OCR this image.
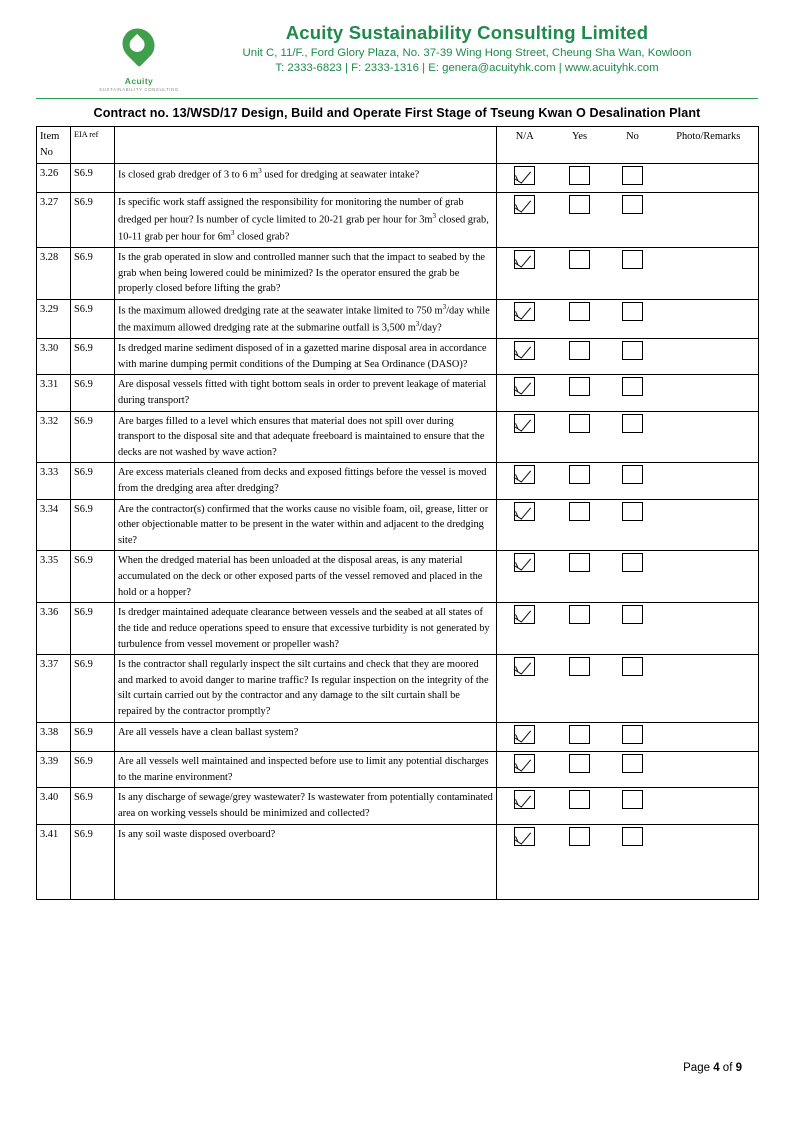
Acuity
SUSTAINABILITY CONSULTING
Acuity Sustainability Consulting Limited
Unit C, 11/F., Ford Glory Plaza, No. 37-39 Wing Hong Street, Cheung Sha Wan, Kowloon
T: 2333-6823 | F: 2333-1316 | E: genera@acuityhk.com | www.acuityhk.com
Contract no. 13/WSD/17 Design, Build and Operate First Stage of Tseung Kwan O Desalination Plant
Item
No	EIA ref		N/A	Yes	No	Photo/Remarks
3.26	S6.9	Is closed grab dredger of 3 to 6 $m^3$ used for dredging at seawater intake?				
3.27	S6.9	Is specific work staff assigned the responsibility for monitoring the number of grab dredged per hour? Is number of cycle limited to 20-21 grab per hour for $3m^3$ closed grab, 10-11 grab per hour for $6m^3$ closed grab?				
3.28	S6.9	Is the grab operated in slow and controlled manner such that the impact to seabed by the grab when being lowered could be minimized? Is the operator ensured the grab be properly closed before lifting the grab?				
3.29	S6.9	Is the maximum allowed dredging rate at the seawater intake limited to 750 $m^3$/day while the maximum allowed dredging rate at the submarine outfall is 3,500 $m^3$/day?				
3.30	S6.9	Is dredged marine sediment disposed of in a gazetted marine disposal area in accordance with marine dumping permit conditions of the Dumping at Sea Ordinance (DASO)?				
3.31	S6.9	Are disposal vessels fitted with tight bottom seals in order to prevent leakage of material during transport?				
3.32	S6.9	Are barges filled to a level which ensures that material does not spill over during transport to the disposal site and that adequate freeboard is maintained to ensure that the decks are not washed by wave action?				
3.33	S6.9	Are excess materials cleaned from decks and exposed fittings before the vessel is moved from the dredging area after dredging?				
3.34	S6.9	Are the contractor(s) confirmed that the works cause no visible foam, oil, grease, litter or other objectionable matter to be present in the water within and adjacent to the dredging site?				
3.35	S6.9	When the dredged material has been unloaded at the disposal areas, is any material accumulated on the deck or other exposed parts of the vessel removed and placed in the hold or a hopper?				
3.36	S6.9	Is dredger maintained adequate clearance between vessels and the seabed at all states of the tide and reduce operations speed to ensure that excessive turbidity is not generated by turbulence from vessel movement or propeller wash?				
3.37	S6.9	Is the contractor shall regularly inspect the silt curtains and check that they are moored and marked to avoid danger to marine traffic? Is regular inspection on the integrity of the silt curtain carried out by the contractor and any damage to the silt curtain shall be repaired by the contractor promptly?				
3.38	S6.9	Are all vessels have a clean ballast system?				
3.39	S6.9	Are all vessels well maintained and inspected before use to limit any potential discharges to the marine environment?				
3.40	S6.9	Is any discharge of sewage/grey wastewater? Is wastewater from potentially contaminated area on working vessels should be minimized and collected?				
3.41	S6.9	Is any soil waste disposed overboard?				
Page 4 of 9
